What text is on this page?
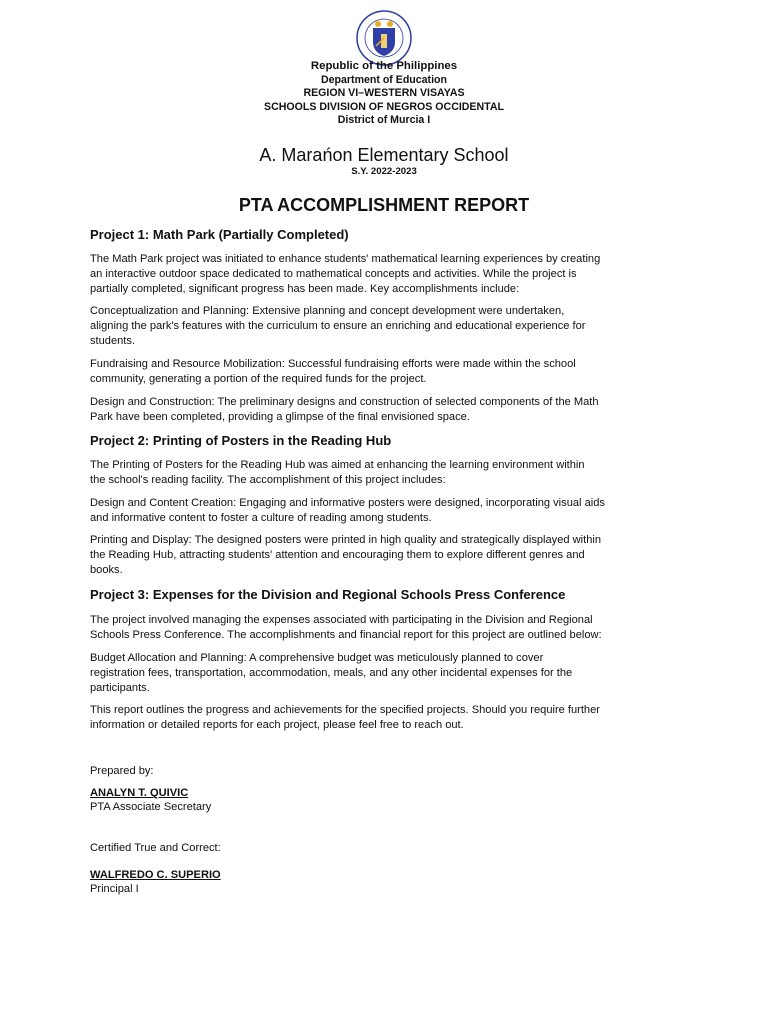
Republic of the Philippines
Department of Education
REGION VI–WESTERN VISAYAS
SCHOOLS DIVISION OF NEGROS OCCIDENTAL
District of Murcia I
A. Marańon Elementary School
S.Y. 2022-2023
PTA ACCOMPLISHMENT REPORT
Project 1: Math Park (Partially Completed)
The Math Park project was initiated to enhance students' mathematical learning experiences by creating
an interactive outdoor space dedicated to mathematical concepts and activities. While the project is
partially completed, significant progress has been made. Key accomplishments include:
Conceptualization and Planning: Extensive planning and concept development were undertaken,
aligning the park's features with the curriculum to ensure an enriching and educational experience for
students.
Fundraising and Resource Mobilization: Successful fundraising efforts were made within the school
community, generating a portion of the required funds for the project.
Design and Construction: The preliminary designs and construction of selected components of the Math
Park have been completed, providing a glimpse of the final envisioned space.
Project 2: Printing of Posters in the Reading Hub
The Printing of Posters for the Reading Hub was aimed at enhancing the learning environment within
the school's reading facility. The accomplishment of this project includes:
Design and Content Creation: Engaging and informative posters were designed, incorporating visual aids
and informative content to foster a culture of reading among students.
Printing and Display: The designed posters were printed in high quality and strategically displayed within
the Reading Hub, attracting students' attention and encouraging them to explore different genres and
books.
Project 3: Expenses for the Division and Regional Schools Press Conference
The project involved managing the expenses associated with participating in the Division and Regional
Schools Press Conference. The accomplishments and financial report for this project are outlined below:
Budget Allocation and Planning: A comprehensive budget was meticulously planned to cover
registration fees, transportation, accommodation, meals, and any other incidental expenses for the
participants.
This report outlines the progress and achievements for the specified projects. Should you require further
information or detailed reports for each project, please feel free to reach out.
Prepared by:
ANALYN T. QUIVIC
PTA Associate Secretary
Certified True and Correct:
WALFREDO C. SUPERIO
Principal I
